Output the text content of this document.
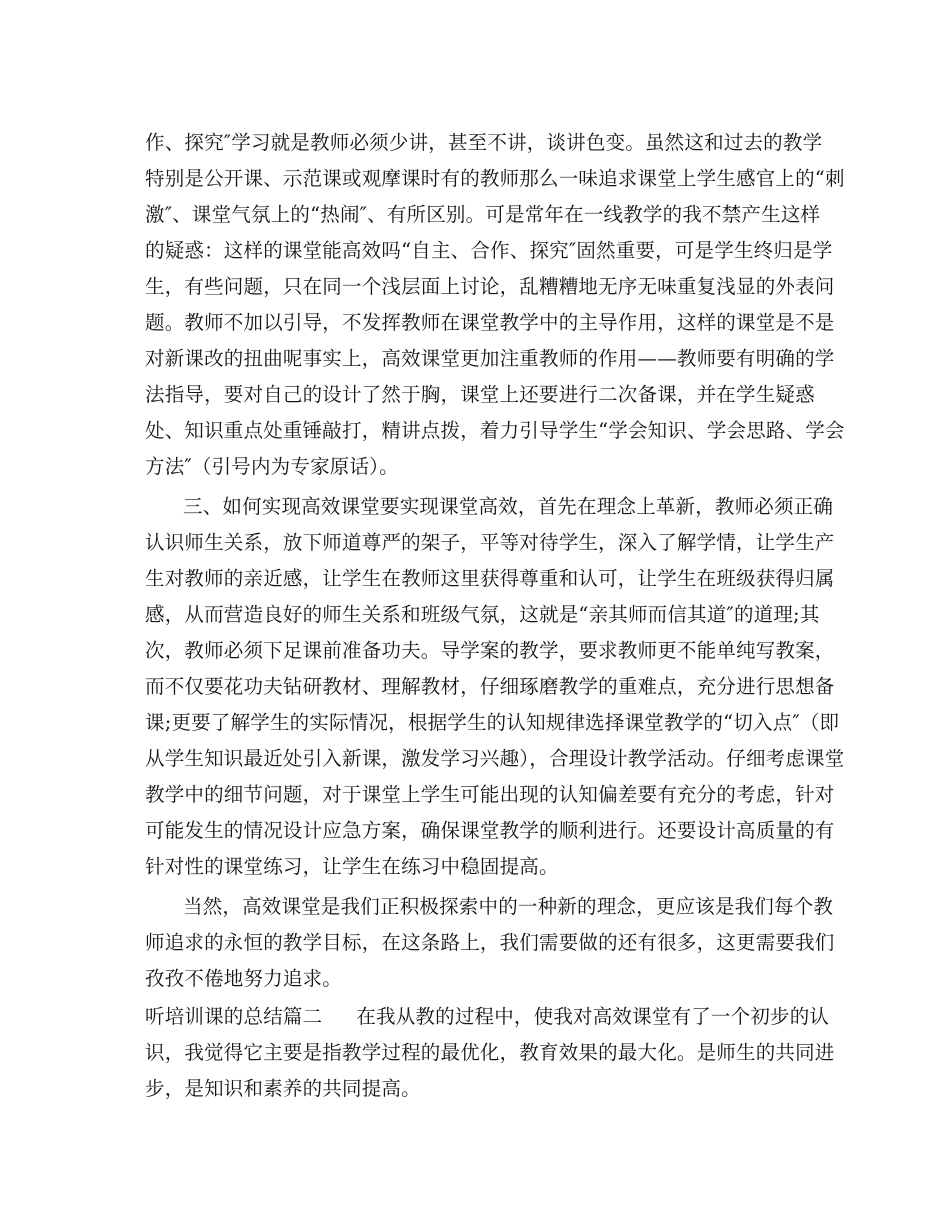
作、探究″学习就是教师必须少讲，甚至不讲，谈讲色变。虽然这和过去的教学
特别是公开课、示范课或观摩课时有的教师那么一味追求课堂上学生感官上的“刺
激″、课堂气氛上的“热闹″、有所区别。可是常年在一线教学的我不禁产生这样
的疑惑：这样的课堂能高效吗“自主、合作、探究″固然重要，可是学生终归是学
生，有些问题，只在同一个浅层面上讨论，乱糟糟地无序无味重复浅显的外表问
题。教师不加以引导，不发挥教师在课堂教学中的主导作用，这样的课堂是不是
对新课改的扭曲呢事实上，高效课堂更加注重教师的作用——教师要有明确的学
法指导，要对自己的设计了然于胸，课堂上还要进行二次备课，并在学生疑惑
处、知识重点处重锤敲打，精讲点拨，着力引导学生“学会知识、学会思路、学会
方法″（引号内为专家原话）。
三、如何实现高效课堂要实现课堂高效，首先在理念上革新，教师必须正确
认识师生关系，放下师道尊严的架子，平等对待学生，深入了解学情，让学生产
生对教师的亲近感，让学生在教师这里获得尊重和认可，让学生在班级获得归属
感，从而营造良好的师生关系和班级气氛，这就是“亲其师而信其道″的道理;其
次，教师必须下足课前准备功夫。导学案的教学，要求教师更不能单纯写教案，
而不仅要花功夫钻研教材、理解教材，仔细琢磨教学的重难点，充分进行思想备
课;更要了解学生的实际情况，根据学生的认知规律选择课堂教学的“切入点″（即
从学生知识最近处引入新课，激发学习兴趣），合理设计教学活动。仔细考虑课堂
教学中的细节问题，对于课堂上学生可能出现的认知偏差要有充分的考虑，针对
可能发生的情况设计应急方案，确保课堂教学的顺利进行。还要设计高质量的有
针对性的课堂练习，让学生在练习中稳固提高。
当然，高效课堂是我们正积极探索中的一种新的理念，更应该是我们每个教
师追求的永恒的教学目标，在这条路上，我们需要做的还有很多，这更需要我们
孜孜不倦地努力追求。
听培训课的总结篇二 在我从教的过程中，使我对高效课堂有了一个初步的认
识，我觉得它主要是指教学过程的最优化，教育效果的最大化。是师生的共同进
步，是知识和素养的共同提高。
